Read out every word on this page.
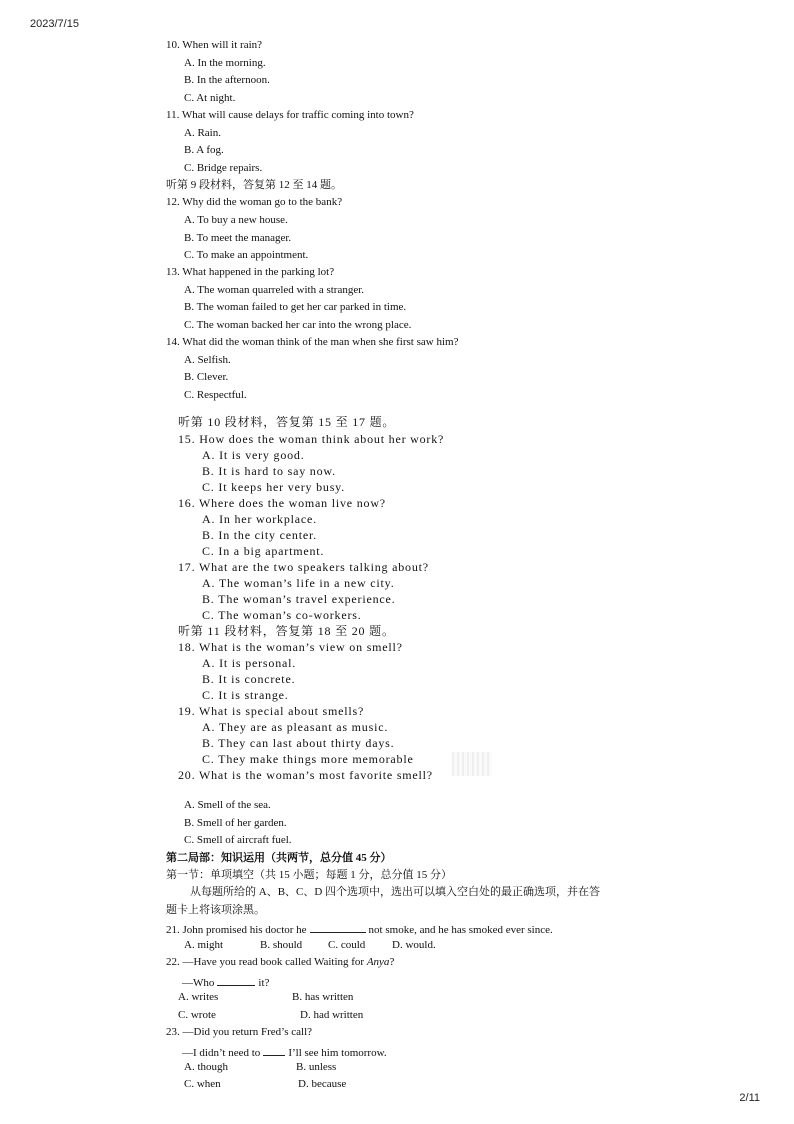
2023/7/15
10. When will it rain?
A. In the morning.
B. In the afternoon.
C. At night.
11. What will cause delays for traffic coming into town?
A. Rain.
B. A fog.
C. Bridge repairs.
听第 9 段材料，答复第 12 至 14 题。
12. Why did the woman go to the bank?
A. To buy a new house.
B. To meet the manager.
C. To make an appointment.
13. What happened in the parking lot?
A. The woman quarreled with a stranger.
B. The woman failed to get her car parked in time.
C. The woman backed her car into the wrong place.
14. What did the woman think of the man when she first saw him?
A. Selfish.
B. Clever.
C. Respectful.
听第 10 段材料，答复第 15 至 17 题。
15. How does the woman think about her work?
A. It is very good.
B. It is hard to say now.
C. It keeps her very busy.
16. Where does the woman live now?
A. In her workplace.
B. In the city center.
C. In a big apartment.
17. What are the two speakers talking about?
A. The woman’s life in a new city.
B. The woman’s travel experience.
C. The woman’s co-workers.
听第 11 段材料，答复第 18 至 20 题。
18. What is the woman’s view on smell?
A. It is personal.
B. It is concrete.
C. It is strange.
19. What is special about smells?
A. They are as pleasant as music.
B. They can last about thirty days.
C. They make things more memorable
20. What is the woman’s most favorite smell?
A. Smell of the sea.
B. Smell of her garden.
C. Smell of aircraft fuel.
第二局部：知识运用（共两节，总分值 45 分）
第一节：单项填空（共 15 小题；每题 1 分，总分值 15 分）
从每题所给的 A、B、C、D 四个选项中，选出可以填入空白处的最正确选项，并在答
题卡上将该项涂黑。
21. John promised his doctor he	not smoke, and he has smoked ever since.
A. might	B. should C. could D. would.
22. —Have you read book called Waiting for Anya?
—Who	it?
A. writes	B. has written
C. wrote	D. had written
23. —Did you return Fred’s call?
—I didn’t need to	I’ll see him tomorrow.
A. though	B. unless
C. when	D. because
2/11
